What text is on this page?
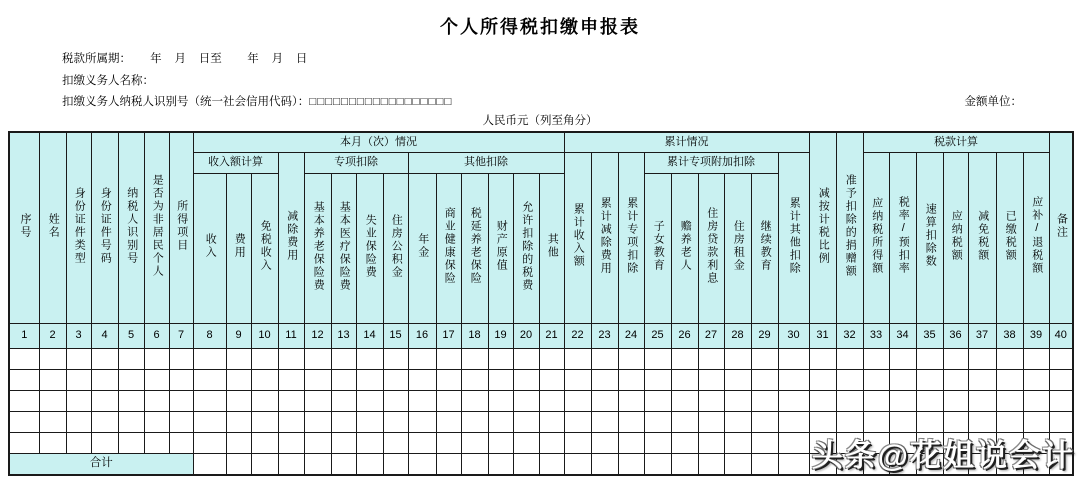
个人所得税扣缴申报表
税款所属期：      年    月    日至        年    月    日
扣缴义务人名称：
扣缴义务人纳税人识别号（统一社会信用代码）：□□□□□□□□□□□□□□□□□□	金额单位：
人民币元（列至角分）
序号	姓名	身份证件类型	身份证件号码	纳税人识别号	是否为非居民个人	所得项目	本月（次）情况														累计情况									减按计税比例	准予扣除的捐赠额	税款计算							备注
							收入额计算			减除费用	专项扣除				其他扣除						累计收入额	累计减除费用	累计专项扣除	累计专项附加扣除					累计其他扣除			应纳税所得额	税率/预扣率	速算扣除数	应纳税额	减免税额	已缴税额	应补/退税额	
							收入	费用	免税收入		基本养老保险费	基本医疗保险费	失业保险费	住房公积金	年金	商业健康保险	税延养老保险	财产原值	允许扣除的税费	其他				子女教育	赡养老人	住房贷款利息	住房租金	继续教育											
1	2	3	4	5	6	7	8	9	10	11	12	13	14	15	16	17	18	19	20	21	22	23	24	25	26	27	28	29	30	31	32	33	34	35	36	37	38	39	40

合计																																								头条@花姐说会计
